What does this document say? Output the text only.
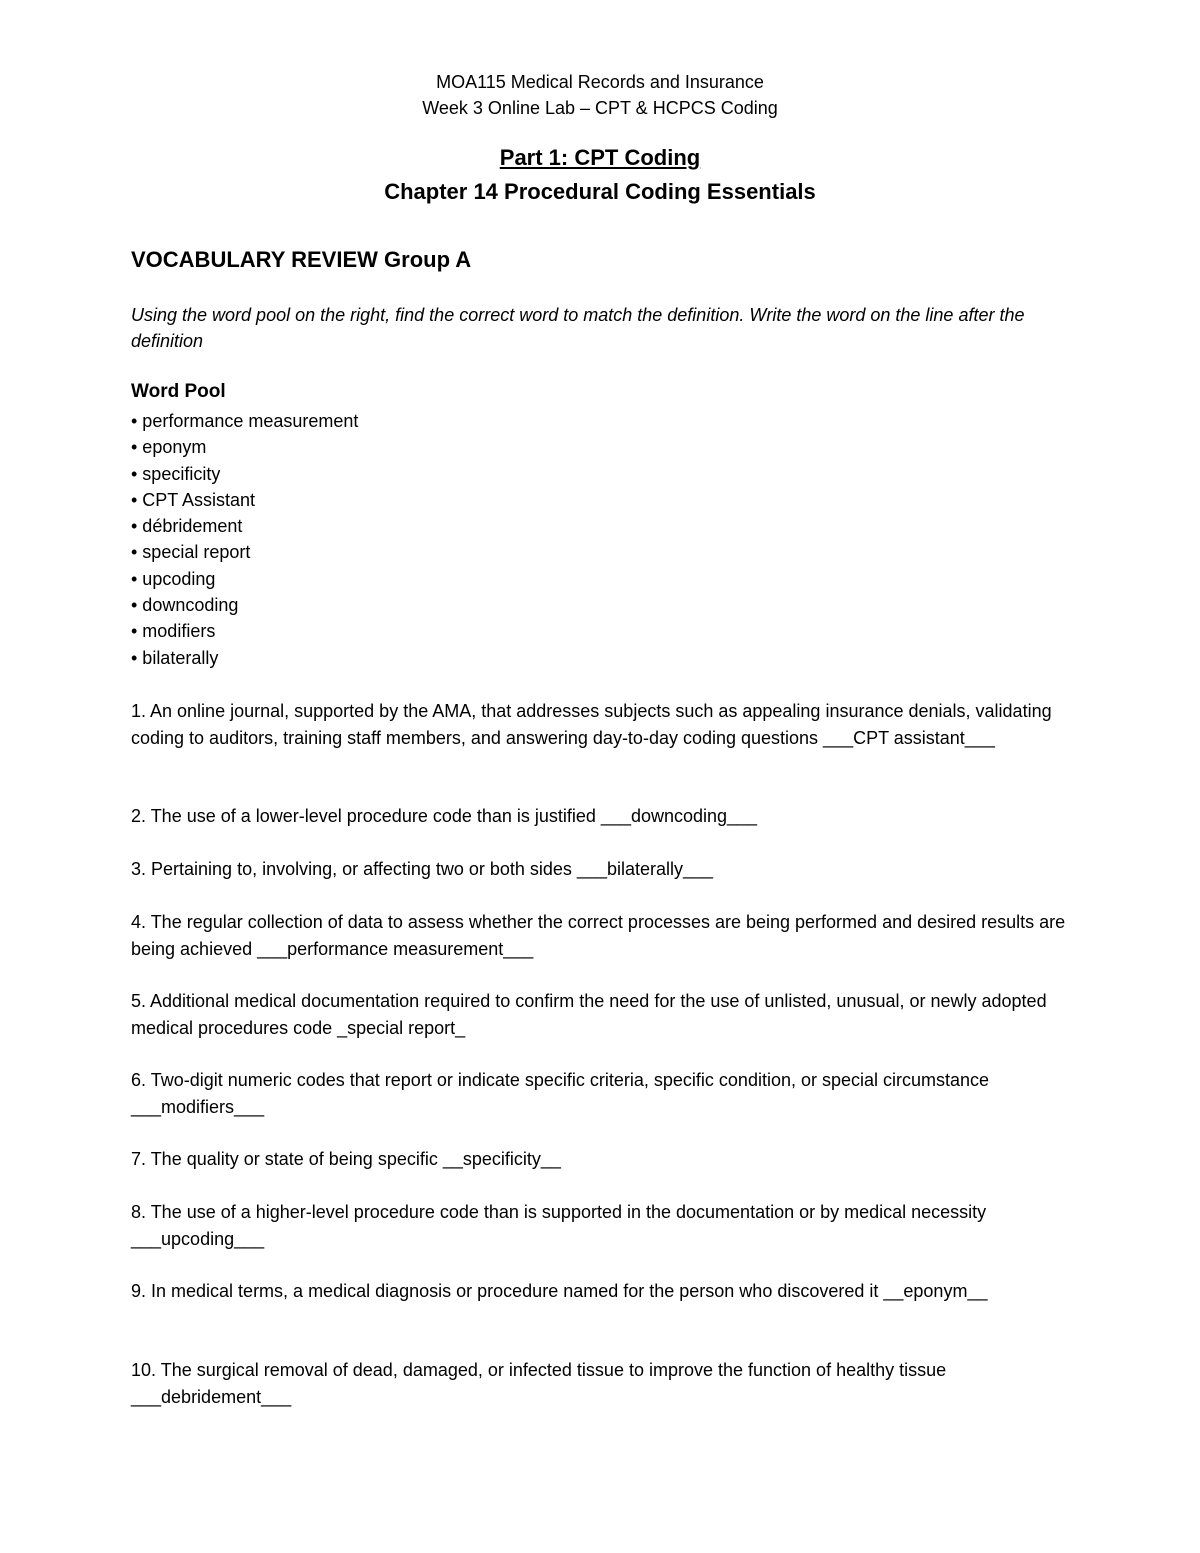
MOA115 Medical Records and Insurance
Week 3 Online Lab – CPT & HCPCS Coding
Part 1: CPT Coding
Chapter 14 Procedural Coding Essentials
VOCABULARY REVIEW Group A
Using the word pool on the right, find the correct word to match the definition. Write the word on the line after the definition
Word Pool
• performance measurement
• eponym
• specificity
• CPT Assistant
• débridement
• special report
• upcoding
• downcoding
• modifiers
• bilaterally
1. An online journal, supported by the AMA, that addresses subjects such as appealing insurance denials, validating coding to auditors, training staff members, and answering day-to-day coding questions ___CPT assistant___
2. The use of a lower-level procedure code than is justified ___downcoding___
3. Pertaining to, involving, or affecting two or both sides ___bilaterally___
4. The regular collection of data to assess whether the correct processes are being performed and desired results are being achieved ___performance measurement___
5. Additional medical documentation required to confirm the need for the use of unlisted, unusual, or newly adopted medical procedures code _special report_
6. Two-digit numeric codes that report or indicate specific criteria, specific condition, or special circumstance ___modifiers___
7. The quality or state of being specific __specificity__
8. The use of a higher-level procedure code than is supported in the documentation or by medical necessity ___upcoding___
9. In medical terms, a medical diagnosis or procedure named for the person who discovered it __eponym__
10. The surgical removal of dead, damaged, or infected tissue to improve the function of healthy tissue ___debridement___
